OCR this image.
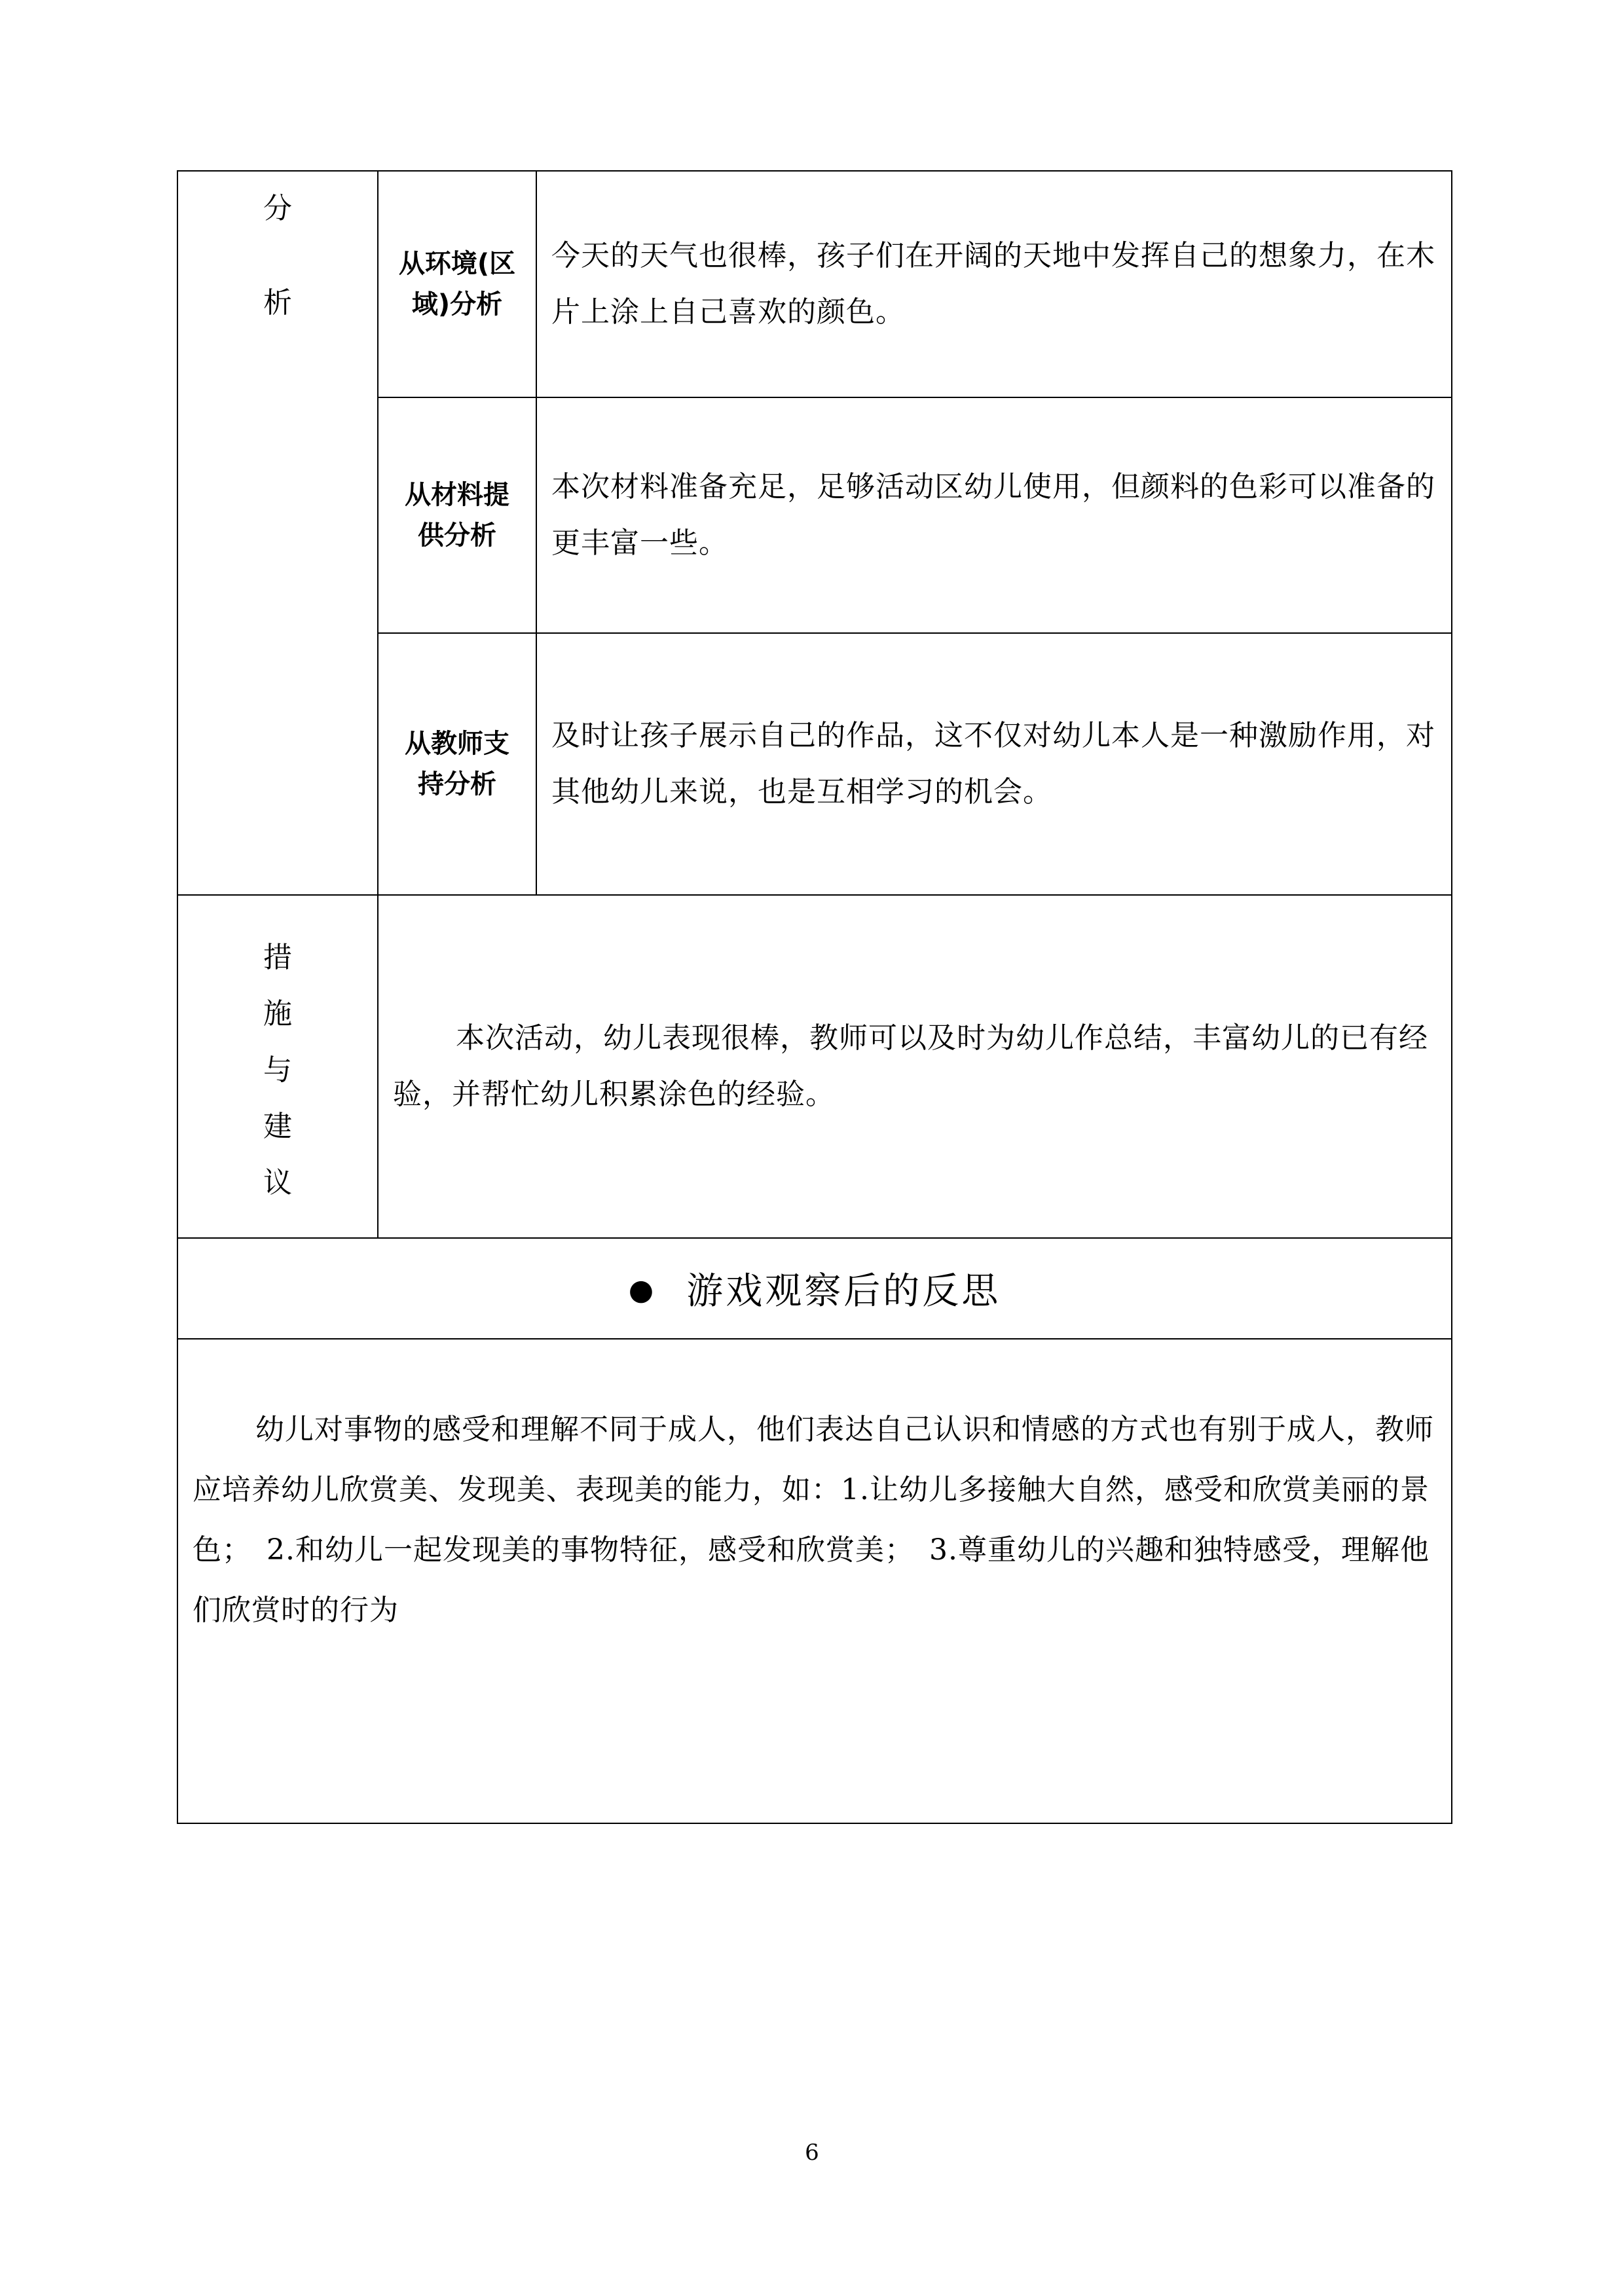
分
析	从环境(区
域)分析	今天的天气也很棒，孩子们在开阔的天地中发挥自己的想象力，在木片上涂上自己喜欢的颜色。

	从材料提
供分析	本次材料准备充足，足够活动区幼儿使用，但颜料的色彩可以准备的更丰富一些。

	从教师支
持分析	及时让孩子展示自己的作品，这不仅对幼儿本人是一种激励作用，对其他幼儿来说，也是互相学习的机会。

措
施
与
建
议	本次活动，幼儿表现很棒，教师可以及时为幼儿作总结，丰富幼儿的已有经验，并帮忙幼儿积累涂色的经验。	
● 游戏观察后的反思		
幼儿对事物的感受和理解不同于成人，他们表达自己认识和情感的方式也有别于成人，教师应培养幼儿欣赏美、发现美、表现美的能力，如：1.让幼儿多接触大自然，感受和欣赏美丽的景色；　2.和幼儿一起发现美的事物特征，感受和欣赏美；　3.尊重幼儿的兴趣和独特感受，理解他们欣赏时的行为		
6
